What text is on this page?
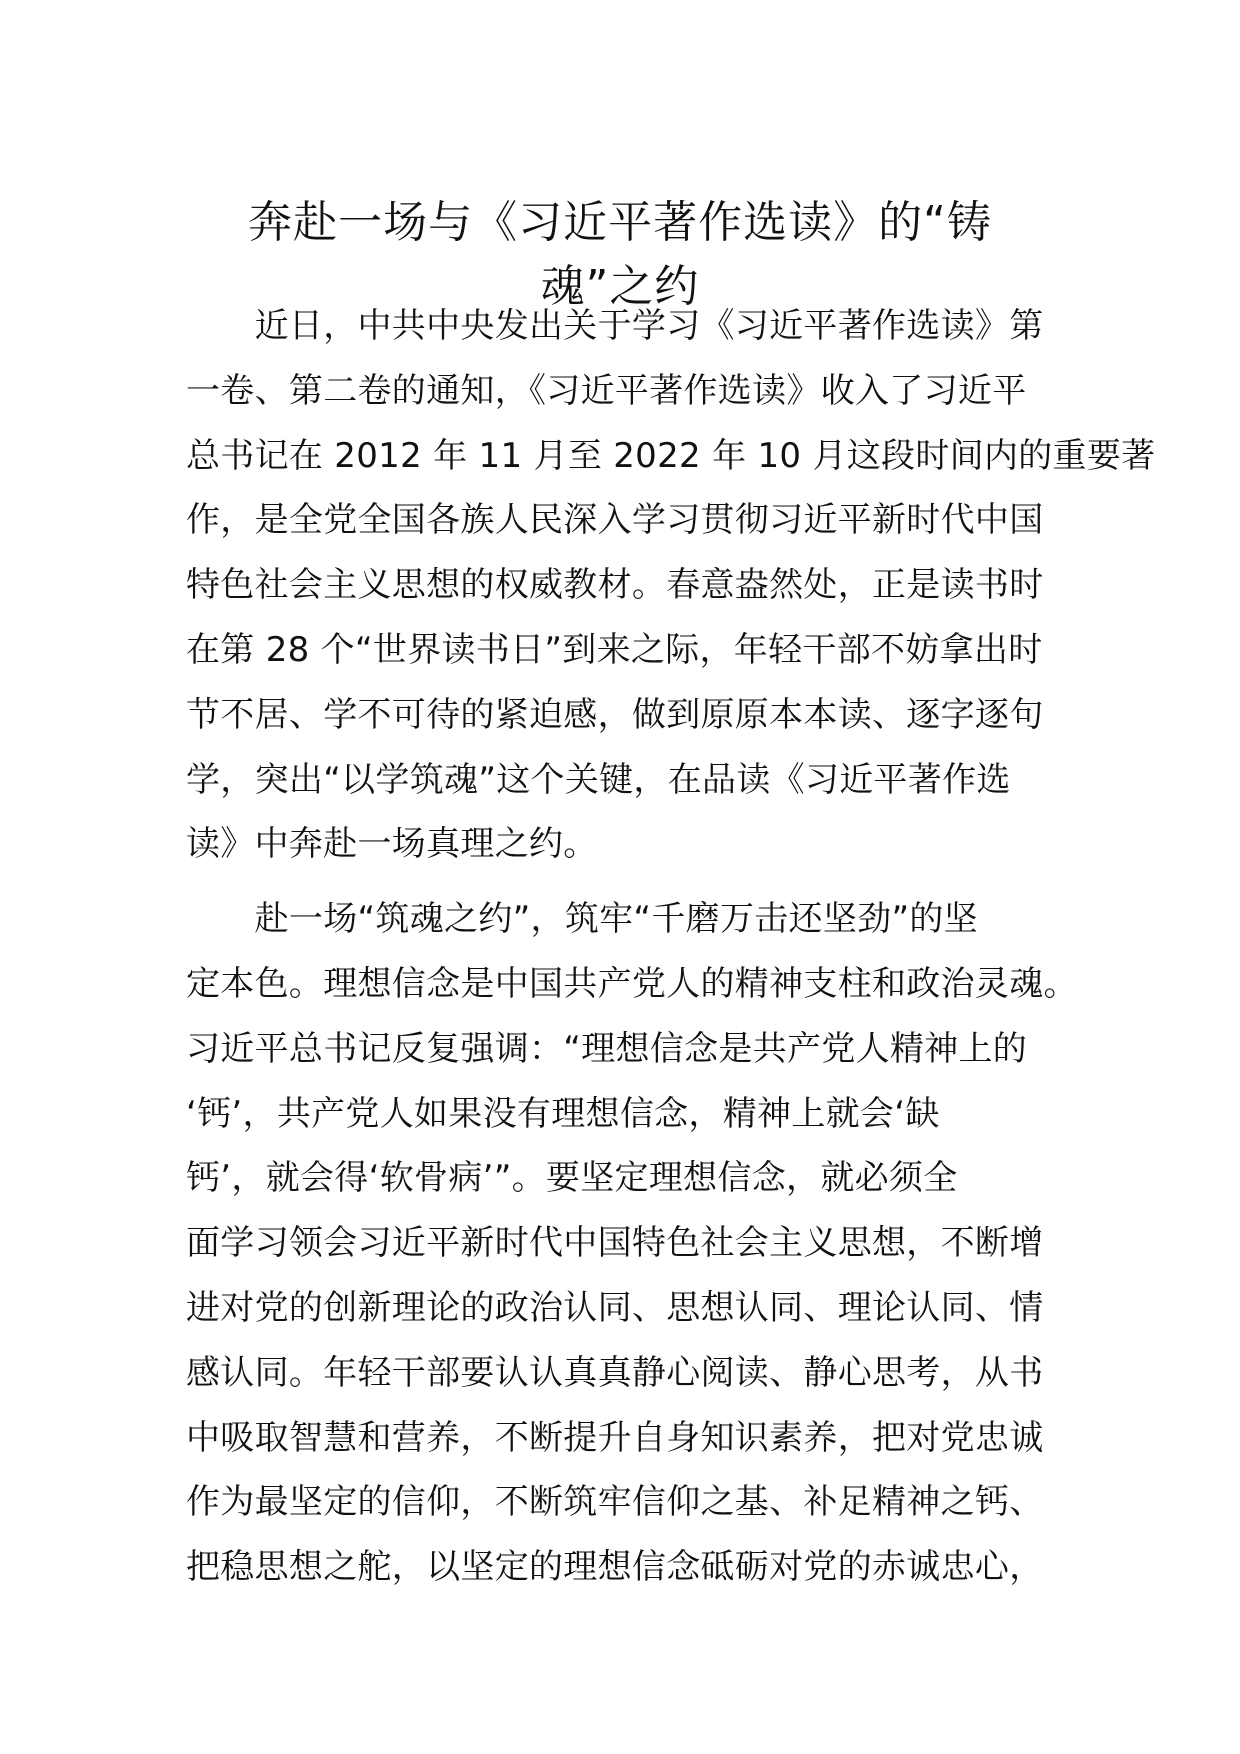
奔赴一场与《习近平著作选读》的“铸
魂”之约
　　近日，中共中央发出关于学习《习近平著作选读》第
一卷、第二卷的通知，《习近平著作选读》收入了习近平
总书记在 2012 年 11 月至 2022 年 10 月这段时间内的重要著
作，是全党全国各族人民深入学习贯彻习近平新时代中国
特色社会主义思想的权威教材。春意盎然处，正是读书时
在第 28 个“世界读书日”到来之际，年轻干部不妨拿出时
节不居、学不可待的紧迫感，做到原原本本读、逐字逐句
学，突出“以学筑魂”这个关键，在品读《习近平著作选
读》中奔赴一场真理之约。
　　赴一场“筑魂之约”，筑牢“千磨万击还坚劲”的坚
定本色。理想信念是中国共产党人的精神支柱和政治灵魂。
习近平总书记反复强调：“理想信念是共产党人精神上的
‘钙’，共产党人如果没有理想信念，精神上就会‘缺
钙’，就会得‘软骨病’”。要坚定理想信念，就必须全
面学习领会习近平新时代中国特色社会主义思想，不断增
进对党的创新理论的政治认同、思想认同、理论认同、情
感认同。年轻干部要认认真真静心阅读、静心思考，从书
中吸取智慧和营养，不断提升自身知识素养，把对党忠诚
作为最坚定的信仰，不断筑牢信仰之基、补足精神之钙、
把稳思想之舵，以坚定的理想信念砥砺对党的赤诚忠心，
